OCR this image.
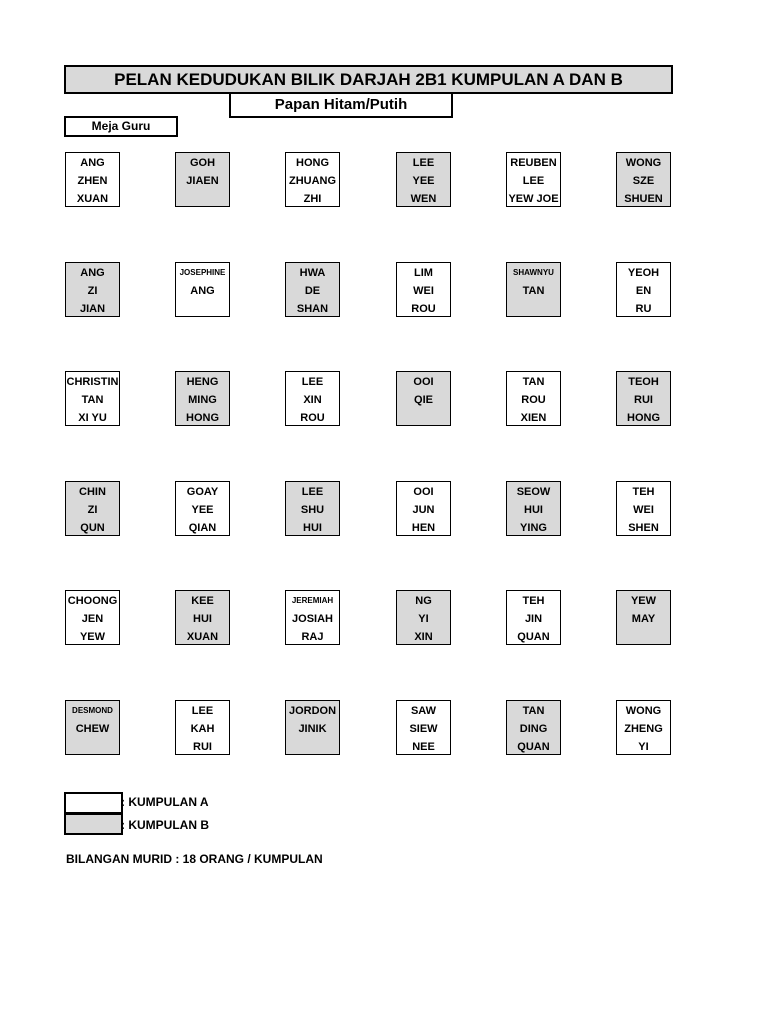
PELAN KEDUDUKAN BILIK DARJAH 2B1 KUMPULAN A DAN B
Papan Hitam/Putih
Meja Guru
ANG
ZHEN
XUAN
GOH
JIAEN
HONG
ZHUANG
ZHI
LEE
YEE
WEN
REUBEN
LEE
YEW JOE
WONG
SZE
SHUEN
ANG
ZI
JIAN
JOSEPHINE
ANG
HWA
DE
SHAN
LIM
WEI
ROU
SHAWNYU
TAN
YEOH
EN
RU
CHRISTIN
TAN
XI YU
HENG
MING
HONG
LEE
XIN
ROU
OOI
QIE
TAN
ROU
XIEN
TEOH
RUI
HONG
CHIN
ZI
QUN
GOAY
YEE
QIAN
LEE
SHU
HUI
OOI
JUN
HEN
SEOW
HUI
YING
TEH
WEI
SHEN
CHOONG
JEN
YEW
KEE
HUI
XUAN
JEREMIAH
JOSIAH
RAJ
NG
YI
XIN
TEH
JIN
QUAN
YEW
MAY
DESMOND
CHEW
LEE
KAH
RUI
JORDON
JINIK
SAW
SIEW
NEE
TAN
DING
QUAN
WONG
ZHENG
YI
: KUMPULAN A
: KUMPULAN B
BILANGAN MURID : 18 ORANG / KUMPULAN
